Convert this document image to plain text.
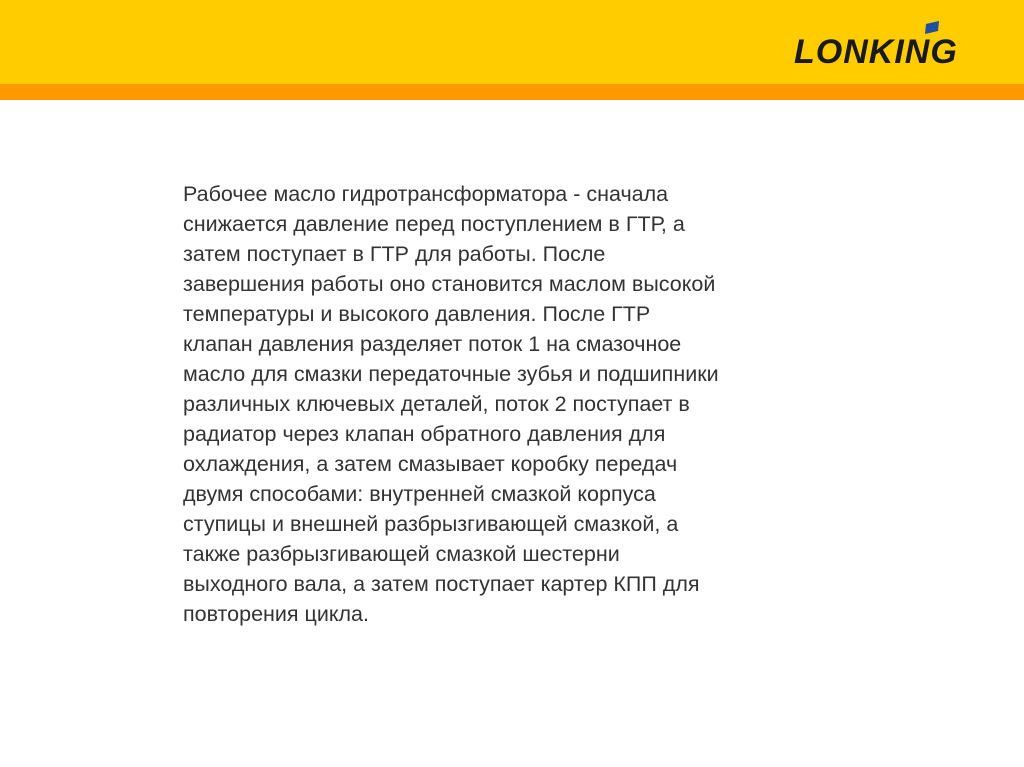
LONKING
Рабочее масло гидротрансформатора - сначала
снижается давление перед поступлением в ГТР, а
затем поступает в ГТР для работы. После
завершения работы оно становится маслом высокой
температуры и высокого давления. После ГТР
клапан давления разделяет поток 1 на смазочное
масло для смазки передаточные зубья и подшипники
различных ключевых деталей, поток 2 поступает в
радиатор через клапан обратного давления для
охлаждения, а затем смазывает коробку передач
двумя способами: внутренней смазкой корпуса
ступицы и внешней разбрызгивающей смазкой, а
также разбрызгивающей смазкой шестерни
выходного вала, а затем поступает картер КПП для
повторения цикла.
